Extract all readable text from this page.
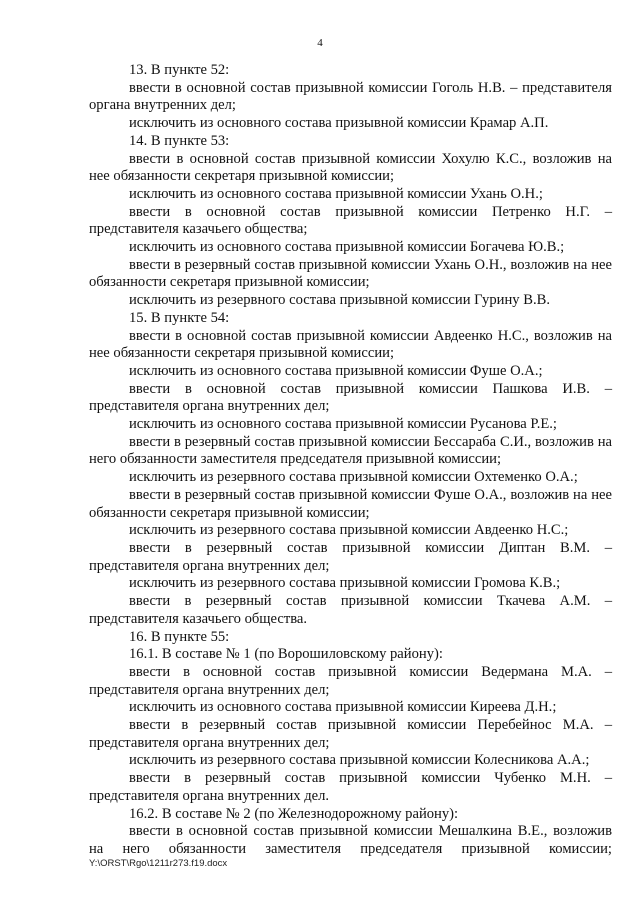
4

13. В пункте 52:

ввести в основной состав призывной комиссии Гоголь Н.В. – представителя органа внутренних дел;

исключить из основного состава призывной комиссии Крамар А.П.

14. В пункте 53:

ввести в основной состав призывной комиссии Хохулю К.С., возложив на нее обязанности секретаря призывной комиссии;

исключить из основного состава призывной комиссии Ухань О.Н.;

ввести в основной состав призывной комиссии Петренко Н.Г. – представителя казачьего общества;

исключить из основного состава призывной комиссии Богачева Ю.В.;

ввести в резервный состав призывной комиссии Ухань О.Н., возложив на нее обязанности секретаря призывной комиссии;

исключить из резервного состава призывной комиссии Гурину В.В.

15. В пункте 54:

ввести в основной состав призывной комиссии Авдеенко Н.С., возложив на нее обязанности секретаря призывной комиссии;

исключить из основного состава призывной комиссии Фуше О.А.;

ввести в основной состав призывной комиссии Пашкова И.В. – представителя органа внутренних дел;

исключить из основного состава призывной комиссии Русанова Р.Е.;

ввести в резервный состав призывной комиссии Бессараба С.И., возложив на него обязанности заместителя председателя призывной комиссии;

исключить из резервного состава призывной комиссии Охтеменко О.А.;

ввести в резервный состав призывной комиссии Фуше О.А., возложив на нее обязанности секретаря призывной комиссии;

исключить из резервного состава призывной комиссии Авдеенко Н.С.;

ввести в резервный состав призывной комиссии Диптан В.М. – представителя органа внутренних дел;

исключить из резервного состава призывной комиссии Громова К.В.;

ввести в резервный состав призывной комиссии Ткачева А.М. – представителя казачьего общества.

16. В пункте 55:

16.1. В составе № 1 (по Ворошиловскому району):

ввести в основной состав призывной комиссии Ведермана М.А. – представителя органа внутренних дел;

исключить из основного состава призывной комиссии Киреева Д.Н.;

ввести в резервный состав призывной комиссии Перебейнос М.А. – представителя органа внутренних дел;

исключить из резервного состава призывной комиссии Колесникова А.А.;

ввести в резервный состав призывной комиссии Чубенко М.Н. – представителя органа внутренних дел.

16.2. В составе № 2 (по Железнодорожному району):

ввести в основной состав призывной комиссии Мешалкина В.Е., возложив на него обязанности заместителя председателя призывной комиссии;

Y:\ORST\Rgo\1211r273.f19.docx
